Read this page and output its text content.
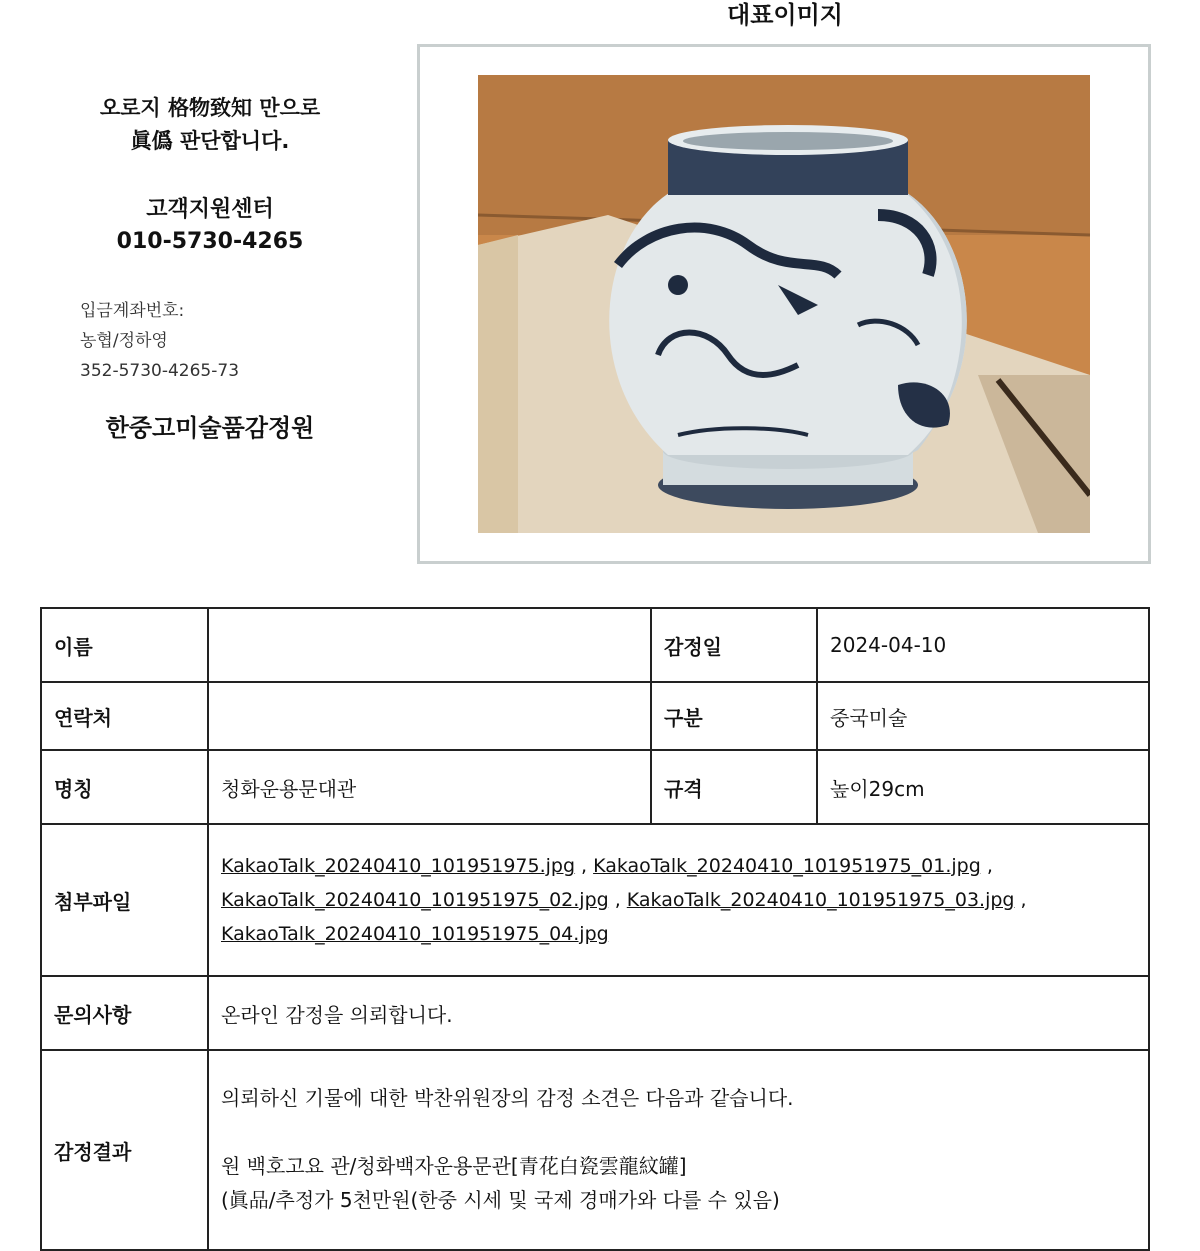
오로지 格物致知 만으로
眞僞 판단합니다.
고객지원센터
010-5730-4265
입금계좌번호:
농협/정하영
352-5730-4265-73
한중고미술품감정원
대표이미지
이름		감정일	2024-04-10
연락처		구분	중국미술
명칭	청화운용문대관	규격	높이29cm
첨부파일	KakaoTalk_20240410_101951975.jpg , KakaoTalk_20240410_101951975_01.jpg ,
KakaoTalk_20240410_101951975_02.jpg , KakaoTalk_20240410_101951975_03.jpg ,
KakaoTalk_20240410_101951975_04.jpg		
문의사항	온라인 감정을 의뢰합니다.		
감정결과	의뢰하신 기물에 대한 박찬위원장의 감정 소견은 다음과 같습니다.
원 백호고요 관/청화백자운용문관[青花白瓷雲龍紋罐]
(眞品/추정가 5천만원(한중 시세 및 국제 경매가와 다를 수 있음)		
